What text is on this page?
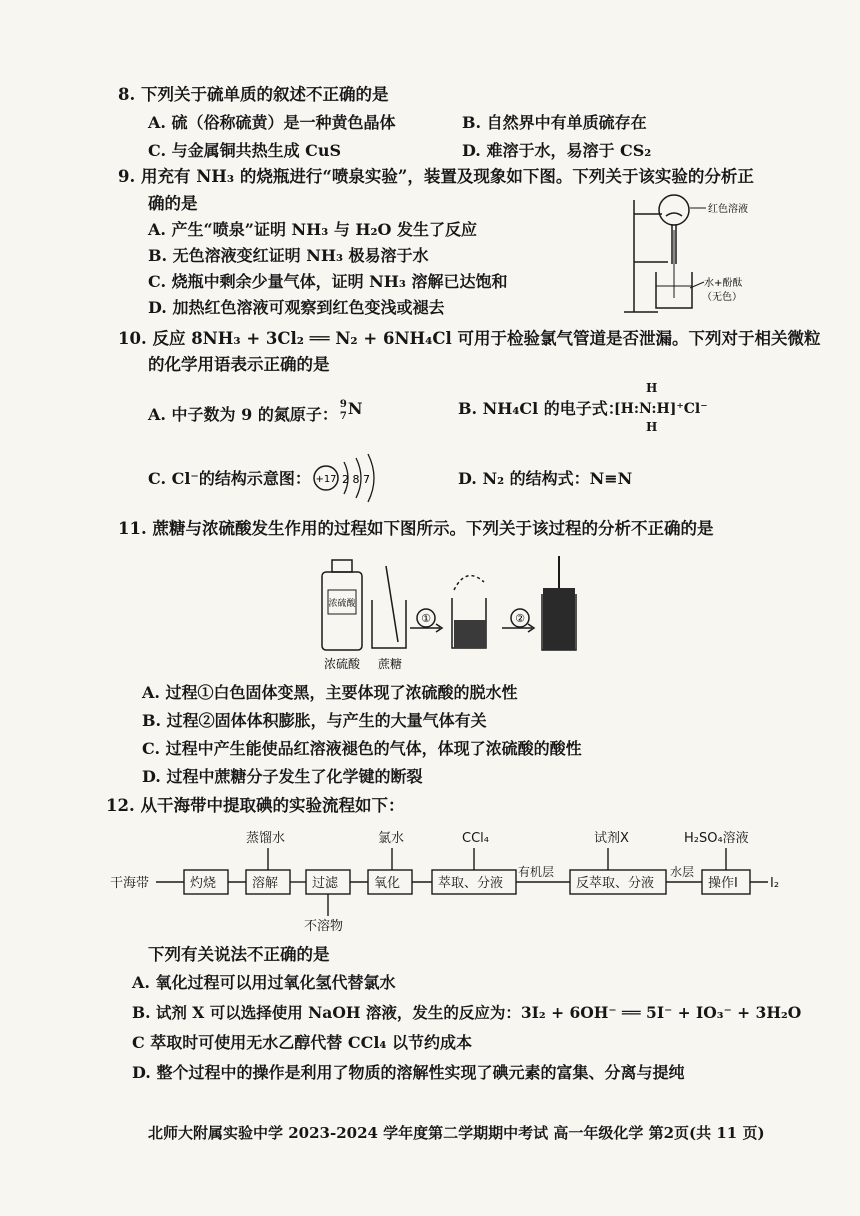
8. 下列关于硫单质的叙述不正确的是
A. 硫（俗称硫黄）是一种黄色晶体	B. 自然界中有单质硫存在
C. 与金属铜共热生成 CuS	D. 难溶于水，易溶于 CS₂
9. 用充有 NH₃ 的烧瓶进行“喷泉实验”，装置及现象如下图。下列关于该实验的分析正
确的是
A. 产生“喷泉”证明 NH₃ 与 H₂O 发生了反应
B. 无色溶液变红证明 NH₃ 极易溶于水
C. 烧瓶中剩余少量气体，证明 NH₃ 溶解已达饱和
D. 加热红色溶液可观察到红色变浅或褪去
红色溶液
水+酚酞
（无色）
10. 反应 8NH₃ + 3Cl₂ ══ N₂ + 6NH₄Cl 可用于检验氯气管道是否泄漏。下列对于相关微粒
的化学用语表示正确的是
A. 中子数为 9 的氮原子：
9
7 N	B. NH₄Cl 的电子式：
[H:N:H]⁺Cl⁻
H
H
C. Cl⁻的结构示意图： +17 2 8 7	D. N₂ 的结构式：N≡N
11. 蔗糖与浓硫酸发生作用的过程如下图所示。下列关于该过程的分析不正确的是
浓硫酸
①	②
浓硫酸 蔗糖
A. 过程①白色固体变黑，主要体现了浓硫酸的脱水性
B. 过程②固体体积膨胀，与产生的大量气体有关
C. 过程中产生能使品红溶液褪色的气体，体现了浓硫酸的酸性
D. 过程中蔗糖分子发生了化学键的断裂
12. 从干海带中提取碘的实验流程如下：
干海带	灼烧	溶解	过滤	氧化	萃取、分液	反萃取、分液	操作I I₂
蒸馏水	氯水	CCl₄	试剂X	H₂SO₄溶液
不溶物
有机层	水层
下列有关说法不正确的是
A. 氧化过程可以用过氧化氢代替氯水
B. 试剂 X 可以选择使用 NaOH 溶液，发生的反应为：3I₂ + 6OH⁻ ══ 5I⁻ + IO₃⁻ + 3H₂O
C 萃取时可使用无水乙醇代替 CCl₄ 以节约成本
D. 整个过程中的操作是利用了物质的溶解性实现了碘元素的富集、分离与提纯
北师大附属实验中学 2023-2024 学年度第二学期期中考试 高一年级化学 第2页(共 11 页)
